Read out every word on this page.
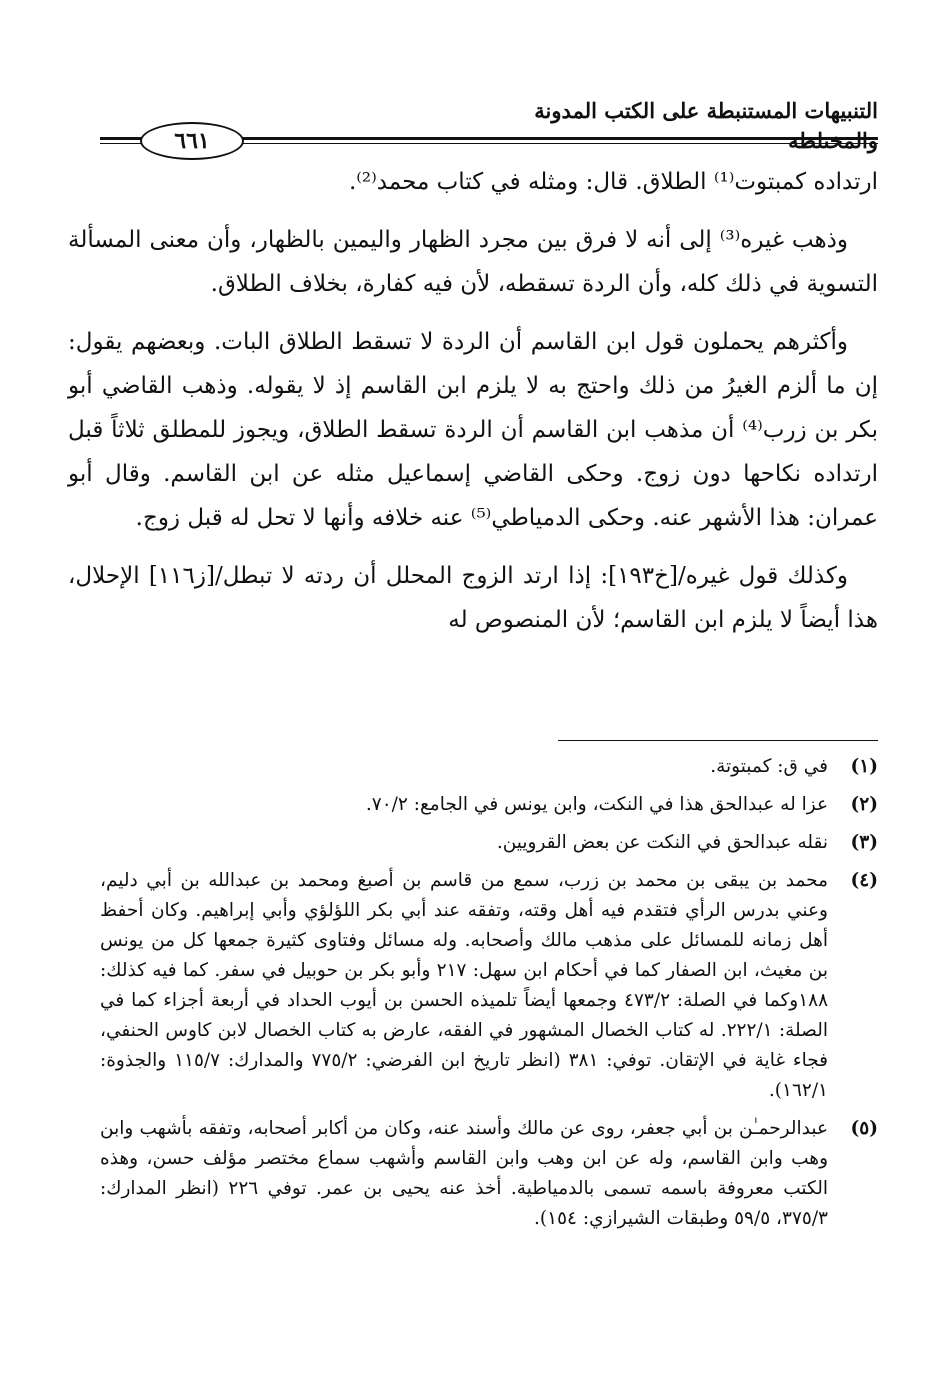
التنبيهات المستنبطة على الكتب المدونة والمختلطة
٦٦١

ارتداده كمبتوت⁽¹⁾ الطلاق. قال: ومثله في كتاب محمد⁽²⁾.

وذهب غيره⁽³⁾ إلى أنه لا فرق بين مجرد الظهار واليمين بالظهار، وأن معنى المسألة التسوية في ذلك كله، وأن الردة تسقطه، لأن فيه كفارة، بخلاف الطلاق.

وأكثرهم يحملون قول ابن القاسم أن الردة لا تسقط الطلاق البات. وبعضهم يقول: إن ما ألزم الغيرُ من ذلك واحتج به لا يلزم ابن القاسم إذ لا يقوله. وذهب القاضي أبو بكر بن زرب⁽⁴⁾ أن مذهب ابن القاسم أن الردة تسقط الطلاق، ويجوز للمطلق ثلاثاً قبل ارتداده نكاحها دون زوج. وحكى القاضي إسماعيل مثله عن ابن القاسم. وقال أبو عمران: هذا الأشهر عنه. وحكى الدمياطي⁽⁵⁾ عنه خلافه وأنها لا تحل له قبل زوج.

وكذلك قول غيره/[خ١٩٣]: إذا ارتد الزوج المحلل أن ردته لا تبطل/[ز١١٦] الإحلال، هذا أيضاً لا يلزم ابن القاسم؛ لأن المنصوص له

(١)
في ق: كمبتوتة.
(٢)
عزا له عبدالحق هذا في النكت، وابن يونس في الجامع: ٧٠/٢.
(٣)
نقله عبدالحق في النكت عن بعض القرويين.
(٤)
محمد بن يبقى بن محمد بن زرب، سمع من قاسم بن أصبغ ومحمد بن عبدالله بن أبي دليم، وعني بدرس الرأي فتقدم فيه أهل وقته، وتفقه عند أبي بكر اللؤلؤي وأبي إبراهيم. وكان أحفظ أهل زمانه للمسائل على مذهب مالك وأصحابه. وله مسائل وفتاوى كثيرة جمعها كل من يونس بن مغيث، ابن الصفار كما في أحكام ابن سهل: ٢١٧ وأبو بكر بن حوبيل في سفر. كما فيه كذلك: ١٨٨وكما في الصلة: ٤٧٣/٢ وجمعها أيضاً تلميذه الحسن بن أيوب الحداد في أربعة أجزاء كما في الصلة: ٢٢٢/١. له كتاب الخصال المشهور في الفقه، عارض به كتاب الخصال لابن كاوس الحنفي، فجاء غاية في الإتقان. توفي: ٣٨١ (انظر تاريخ ابن الفرضي: ٧٧٥/٢ والمدارك: ١١٥/٧ والجذوة: ١٦٢/١).
(٥)
عبدالرحمـٰن بن أبي جعفر، روى عن مالك وأسند عنه، وكان من أكابر أصحابه، وتفقه بأشهب وابن وهب وابن القاسم، وله عن ابن وهب وابن القاسم وأشهب سماع مختصر مؤلف حسن، وهذه الكتب معروفة باسمه تسمى بالدمياطية. أخذ عنه يحيى بن عمر. توفي ٢٢٦ (انظر المدارك: ٣٧٥/٣، ٥٩/٥ وطبقات الشيرازي: ١٥٤).
